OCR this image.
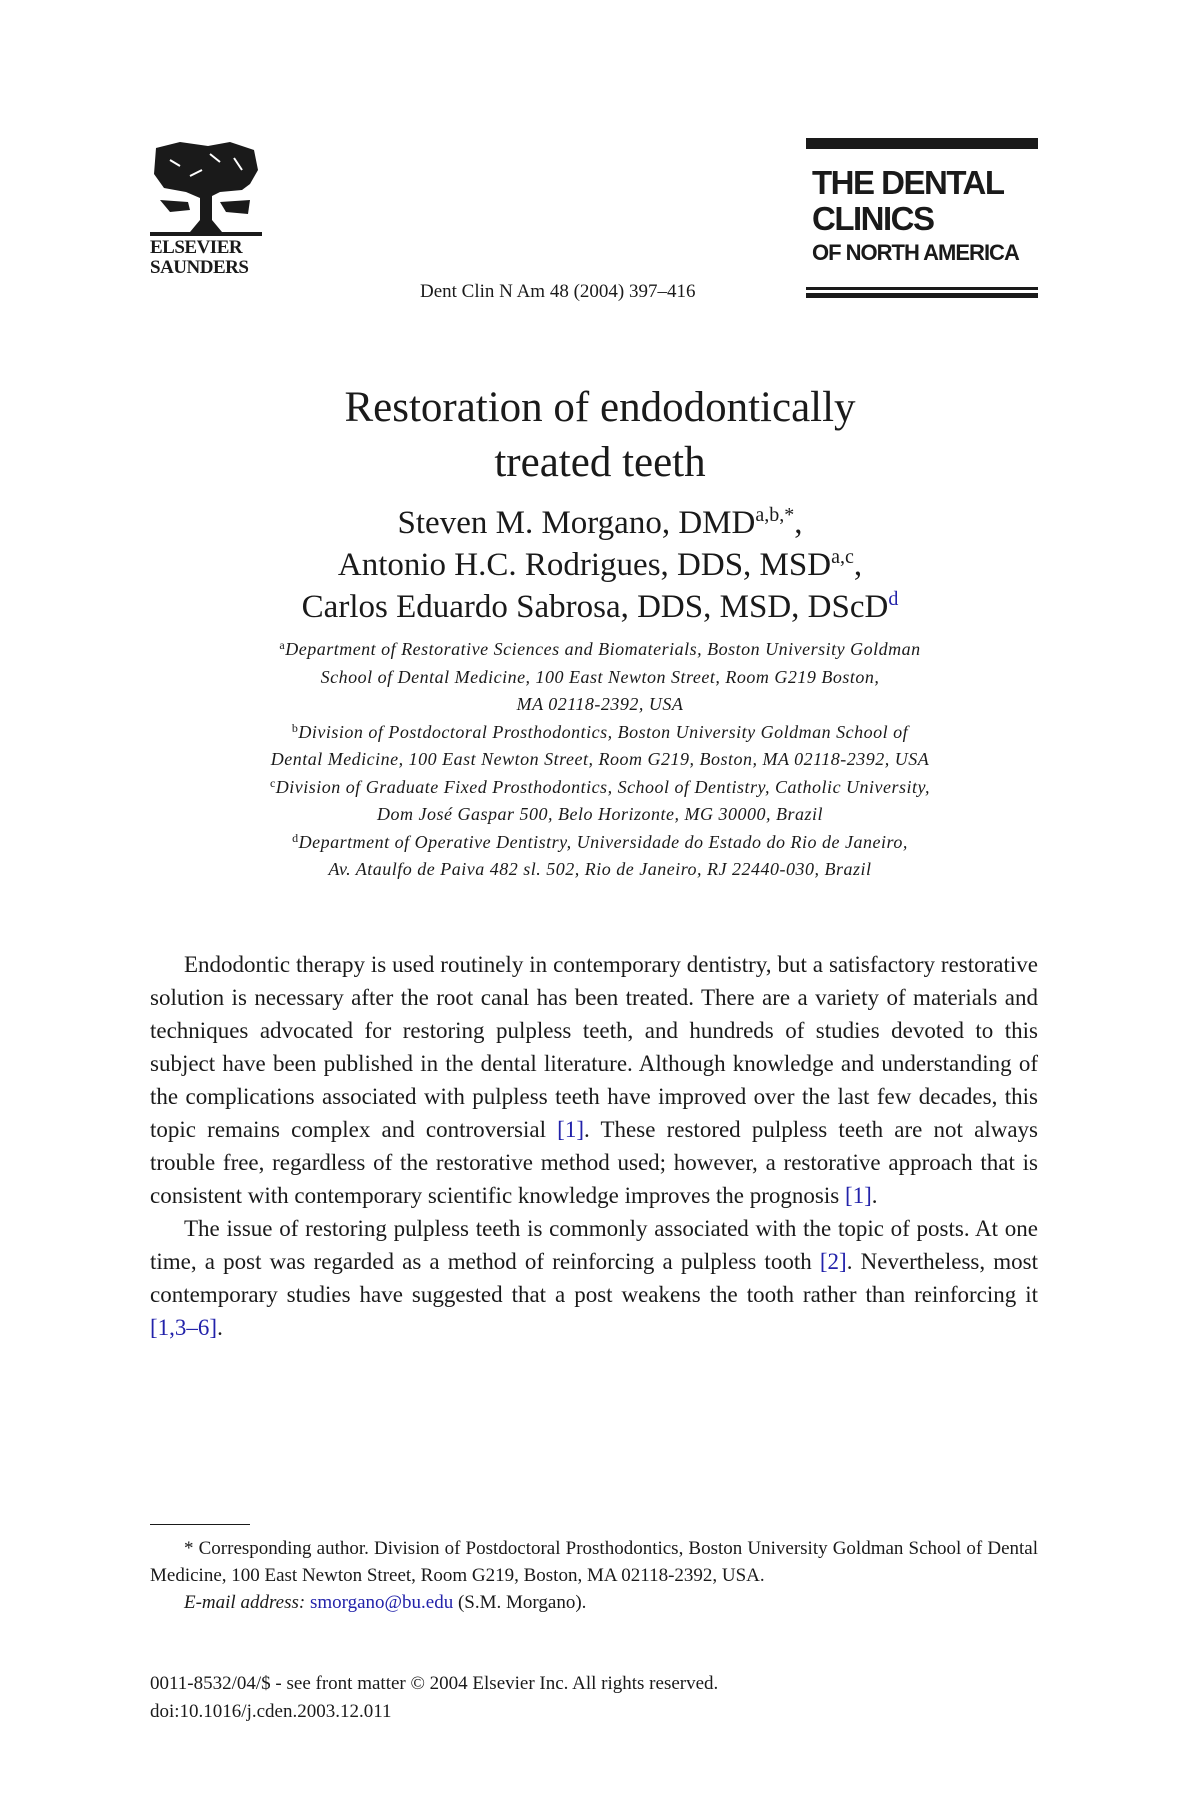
ELSEVIER
SAUNDERS
Dent Clin N Am 48 (2004) 397–416
THE DENTAL
CLINICS
OF NORTH AMERICA
Restoration of endodontically
treated teeth
Steven M. Morgano, $DMD^{a,b,*}$,
Antonio H.C. Rodrigues, DDS, MSD$^{a,c}$,
Carlos Eduardo Sabrosa, DDS, MSD, DScD$^d$
$^a$Department of Restorative Sciences and Biomaterials, Boston University Goldman
School of Dental Medicine, 100 East Newton Street, Room G219 Boston,
MA 02118-2392, USA
$^b$Division of Postdoctoral Prosthodontics, Boston University Goldman School of
Dental Medicine, 100 East Newton Street, Room G219, Boston, MA 02118-2392, USA
$^c$Division of Graduate Fixed Prosthodontics, School of Dentistry, Catholic University,
Dom José Gaspar 500, Belo Horizonte, MG 30000, Brazil
$^d$Department of Operative Dentistry, Universidade do Estado do Rio de Janeiro,
Av. Ataulfo de Paiva 482 sl. 502, Rio de Janeiro, RJ 22440-030, Brazil

Endodontic therapy is used routinely in contemporary dentistry, but a satisfactory restorative solution is necessary after the root canal has been treated. There are a variety of materials and techniques advocated for restoring pulpless teeth, and hundreds of studies devoted to this subject have been published in the dental literature. Although knowledge and understanding of the complications associated with pulpless teeth have improved over the last few decades, this topic remains complex and controversial [1]. These restored pulpless teeth are not always trouble free, regardless of the restorative method used; however, a restorative approach that is consistent with contemporary scientific knowledge improves the prognosis [1].

The issue of restoring pulpless teeth is commonly associated with the topic of posts. At one time, a post was regarded as a method of reinforcing a pulpless tooth [2]. Nevertheless, most contemporary studies have suggested that a post weakens the tooth rather than reinforcing it [1,3–6].

* Corresponding author. Division of Postdoctoral Prosthodontics, Boston University Goldman School of Dental Medicine, 100 East Newton Street, Room G219, Boston, MA 02118-2392, USA.

E-mail address: smorgano@bu.edu (S.M. Morgano).

0011-8532/04/$ - see front matter © 2004 Elsevier Inc. All rights reserved.
doi:10.1016/j.cden.2003.12.011
